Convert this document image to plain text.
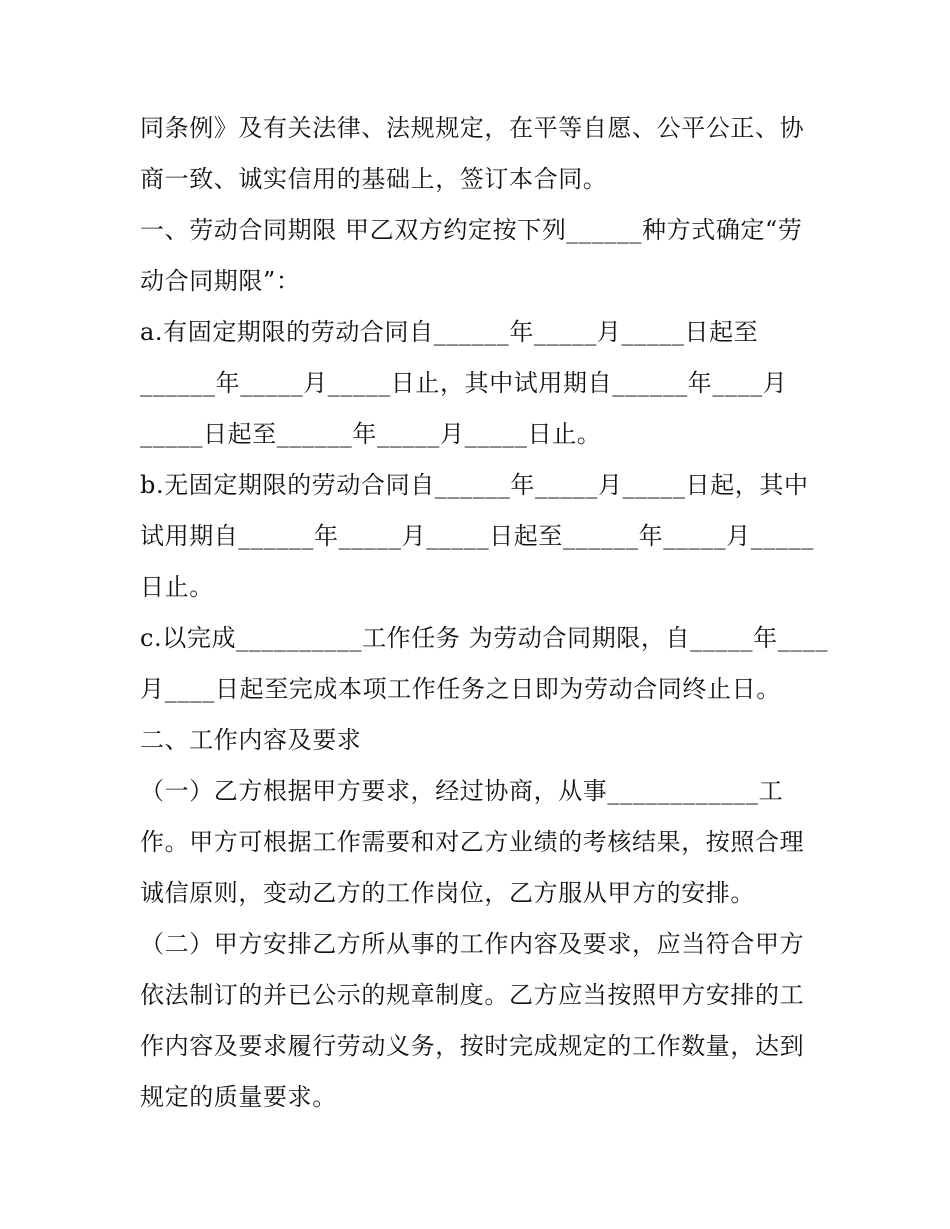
同条例》及有关法律、法规规定，在平等自愿、公平公正、协
商一致、诚实信用的基础上，签订本合同。
一、劳动合同期限 甲乙双方约定按下列______种方式确定“劳
动合同期限”：
a.有固定期限的劳动合同自______年_____月_____日起至
______年_____月_____日止，其中试用期自______年____月
_____日起至______年_____月_____日止。
b.无固定期限的劳动合同自______年_____月_____日起，其中
试用期自______年_____月_____日起至______年_____月_____
日止。
c.以完成__________工作任务 为劳动合同期限，自_____年____
月____日起至完成本项工作任务之日即为劳动合同终止日。
二、工作内容及要求
（一）乙方根据甲方要求，经过协商，从事____________工
作。甲方可根据工作需要和对乙方业绩的考核结果，按照合理
诚信原则，变动乙方的工作岗位，乙方服从甲方的安排。
（二）甲方安排乙方所从事的工作内容及要求，应当符合甲方
依法制订的并已公示的规章制度。乙方应当按照甲方安排的工
作内容及要求履行劳动义务，按时完成规定的工作数量，达到
规定的质量要求。
